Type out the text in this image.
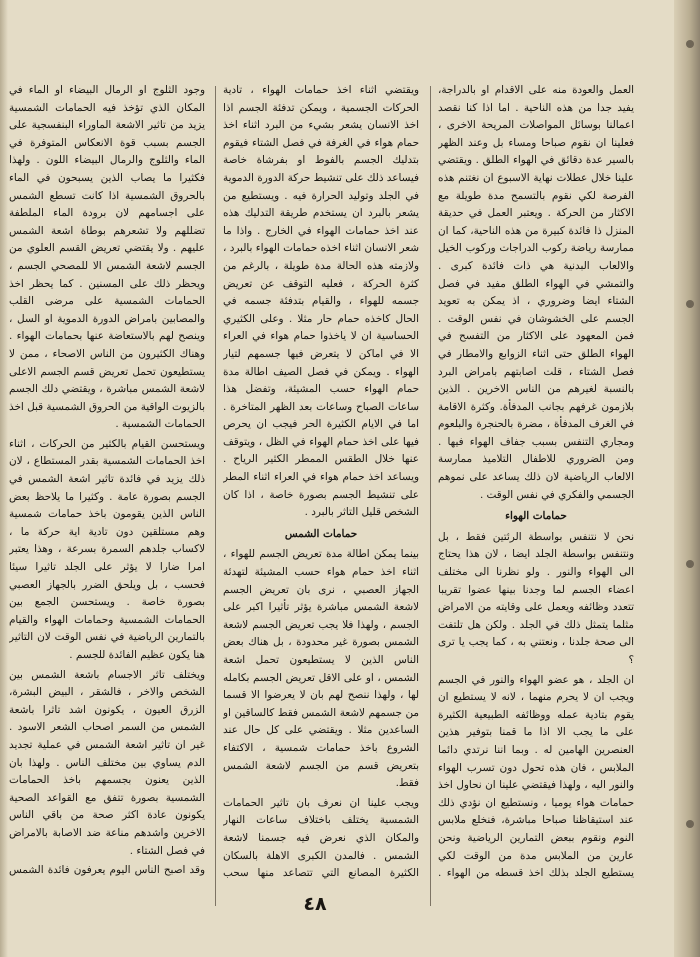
العمل والعودة منه على الاقدام او بالدراجة، يفيد جدا من هذه الناحية . اما اذا كنا نقصد اعمالنا بوسائل المواصلات المريحة الاخرى ، فعلينا ان نقوم صباحا ومساء بل وعند الظهر بالسير عدة دقائق في الهواء الطلق . ويقتضي علينا خلال عطلات نهاية الاسبوع ان نغتنم هذه الفرصة لكي نقوم بالتسمح مدة طويلة مع الاكثار من الحركة . ويعتبر العمل في حديقة المنزل ذا فائدة كبيرة من هذه الناحية، كما ان ممارسة رياضة ركوب الدراجات وركوب الخيل والالعاب البدنية هي ذات فائدة كبرى . والتمشي في الهواء الطلق مفيد في فصل الشتاء ايضا وضروري ، اذ يمكن به تعويد الجسم على الخشوشان في نفس الوقت . فمن المعهود على الاكثار من التفسح في الهواء الطلق حتى اثناء الزوابع والامطار في فصل الشتاء ، قلت اصابتهم بامراض البرد بالنسبة لغيرهم من الناس الاخرين . الذين بلازمون غرفهم بجانب المدفأة. وكثرة الاقامة في الغرف المدفأة ، مضرة بالحنجرة والبلعوم ومجاري التنفس بسبب جفاف الهواء فيها . ومن الضروري للاطفال التلاميذ ممارسة الالعاب الرياضية لان ذلك يساعد على نموهم الجسمي والفكري في نفس الوقت .

حمامات الهواء

نحن لا نتنفس بواسطة الرئتين فقط ، بل ونتنفس بواسطة الجلد ايضا ، لان هذا يحتاج الى الهواء والنور . ولو نظرنا الى مختلف اعضاء الجسم لما وجدنا بينها عضوا تقريبا تتعدد وظائفه ويعمل على وقايته من الامراض مثلما يتمثل ذلك في الجلد . ولكن هل تلتفت الى صحة جلدنا ، ونعتني به ، كما يجب يا ترى ؟

ان الجلد ، هو عضو الهواء والنور في الجسم ويجب ان لا يحرم منهما ، لانه لا يستطيع ان يقوم بتادية عمله ووظائفه الطبيعية الكثيرة على ما يجب الا اذا ما قمنا بتوفير هذين العنصرين الهامين له . وبما اننا نرتدي دائما الملابس ، فان هذه تحول دون تسرب الهواء والنور اليه ، ولهذا فيقتضي علينا ان نحاول اخذ حمامات هواء يوميا ، ونستطيع ان نؤدي ذلك عند استيقاظنا صباحا مباشرة، فنخلع ملابس النوم ونقوم ببعض التمارين الرياضية ونحن عارين من الملابس مدة من الوقت لكي يستطيع الجلد بذلك اخذ قسطه من الهواء .

ويقتضي اثناء اخذ حمامات الهواء ، تادية الحركات الجسمية ، ويمكن تدفئة الجسم اذا اخذ الانسان يشعر بشيء من البرد اثناء اخذ حمام هواء في الغرفة في فصل الشتاء فيقوم بتدليك الجسم بالفوط او بفرشاة خاصة فيساعد ذلك على تنشيط حركة الدورة الدموية في الجلد وتوليد الحرارة فيه . ويستطيع من يشعر بالبرد ان يستخدم طريقة التدليك هذه عند اخذ حمامات الهواء في الخارج . واذا ما شعر الانسان اثناء اخذه حمامات الهواء بالبرد ، ولازمته هذه الحالة مدة طويلة ، بالرغم من كثرة الحركة ، فعليه التوقف عن تعريض جسمه للهواء ، والقيام بتدفئة جسمه في الحال كاخذه حمام حار مثلا . وعلى الكثيري الحساسية ان لا ياخذوا حمام هواء في العراء الا في اماكن لا يتعرض فيها جسمهم لتيار الهواء . ويمكن في فصل الصيف اطالة مدة حمام الهواء حسب المشيئة، وتفضل هذا ساعات الصباح وساعات بعد الظهر المتاخرة . اما في الايام الكثيرة الحر فيجب ان يحرص فيها على اخذ حمام الهواء في الظل ، ويتوقف عنها خلال الطقس الممطر الكثير الرياح . ويساعد اخذ حمام هواء في العراء اثناء المطر على تنشيط الجسم بصورة خاصة ، اذا كان الشخص قليل التاثر بالبرد .

حمامات الشمس

بينما يمكن اطالة مدة تعريض الجسم للهواء ، اثناء اخذ حمام هواء حسب المشيئة لتهدئة الجهاز العصبي ، نرى بان تعريض الجسم لاشعة الشمس مباشرة يؤثر تأثيرا اكبر على الجسم ، ولهذا فلا يجب تعريض الجسم لاشعة الشمس بصورة غير محدودة ، بل هناك بعض الناس الذين لا يستطيعون تحمل اشعة الشمس ، او على الاقل تعريض الجسم بكامله لها ، ولهذا ننصح لهم بان لا يعرضوا الا قسما من جسمهم لاشعة الشمس فقط كالساقين او الساعدين مثلا . ويقتضي على كل حال عند الشروع باخذ حمامات شمسية ، الاكتفاء بتعريض قسم من الجسم لاشعة الشمس فقط.

ويجب علينا ان نعرف بان تاثير الحمامات الشمسية يختلف باختلاف ساعات النهار والمكان الذي نعرض فيه جسمنا لاشعة الشمس . فالمدن الكبرى الاهلة بالسكان الكثيرة المصانع التي تتصاعد منها سحب

وجود الثلوج او الرمال البيضاء او الماء في المكان الذي تؤخذ فيه الحمامات الشمسية يزيد من تاثير الاشعة الماوراء البنفسجية على الجسم بسبب قوة الانعكاس المتوفرة في الماء والثلوج والرمال البيضاء اللون . ولهذا فكثيرا ما يصاب الذين يسبحون في الماء بالحروق الشمسية اذا كانت تسطع الشمس على اجسامهم لان برودة الماء الملطفة تضللهم ولا تشعرهم بوطاة اشعة الشمس عليهم . ولا يقتضي تعريض القسم العلوي من الجسم لاشعة الشمس الا للمصحي الجسم ، ويحظر ذلك على المسنين . كما يحظر اخذ الحمامات الشمسية على مرضى القلب والمصابين بامراض الدورة الدموية او السل ، وينصح لهم بالاستعاضة عنها بحمامات الهواء . وهناك الكثيرون من الناس الاصحاء ، ممن لا يستطيعون تحمل تعريض قسم الجسم الاعلى لاشعة الشمس مباشرة ، ويقتضي دلك الجسم بالزيوت الواقية من الحروق الشمسية قبل اخذ الحمامات الشمسية .

ويستحسن القيام بالكثير من الحركات ، اثناء اخذ الحمامات الشمسية بقدر المستطاع ، لان ذلك يزيد في فائدة تاثير اشعة الشمس في الجسم بصورة عامة . وكثيرا ما يلاحظ بعض الناس الذين يقومون باخذ حمامات شمسية وهم مستلقين دون تادية اية حركة ما ، لاكساب جلدهم السمرة بسرعة ، وهذا يعتبر امرا ضارا لا يؤثر على الجلد تاثيرا سيئا فحسب ، بل ويلحق الضرر بالجهاز العصبي بصورة خاصة . ويستحسن الجمع بين الحمامات الشمسية وحمامات الهواء والقيام بالتمارين الرياضية في نفس الوقت لان التاثير هنا يكون عظيم الفائدة للجسم .

ويختلف تاثر الاجسام باشعة الشمس بين الشخص والاخر ، فالشقر ، البيض البشرة، الزرق العيون ، يكونون اشد تاثرا باشعة الشمس من السمر اصحاب الشعر الاسود . غير ان تاثير اشعة الشمس في عملية تجديد الدم يساوي بين مختلف الناس . ولهذا بان الذين يعنون بجسمهم باخذ الحمامات الشمسية بصورة تتفق مع القواعد الصحية يكونون عادة اكثر صحة من باقي الناس الاخرين واشدهم مناعة ضد الاصابة بالامراض في فصل الشتاء .

وقد اصبح الناس اليوم يعرفون فائدة الشمس

٤٨
